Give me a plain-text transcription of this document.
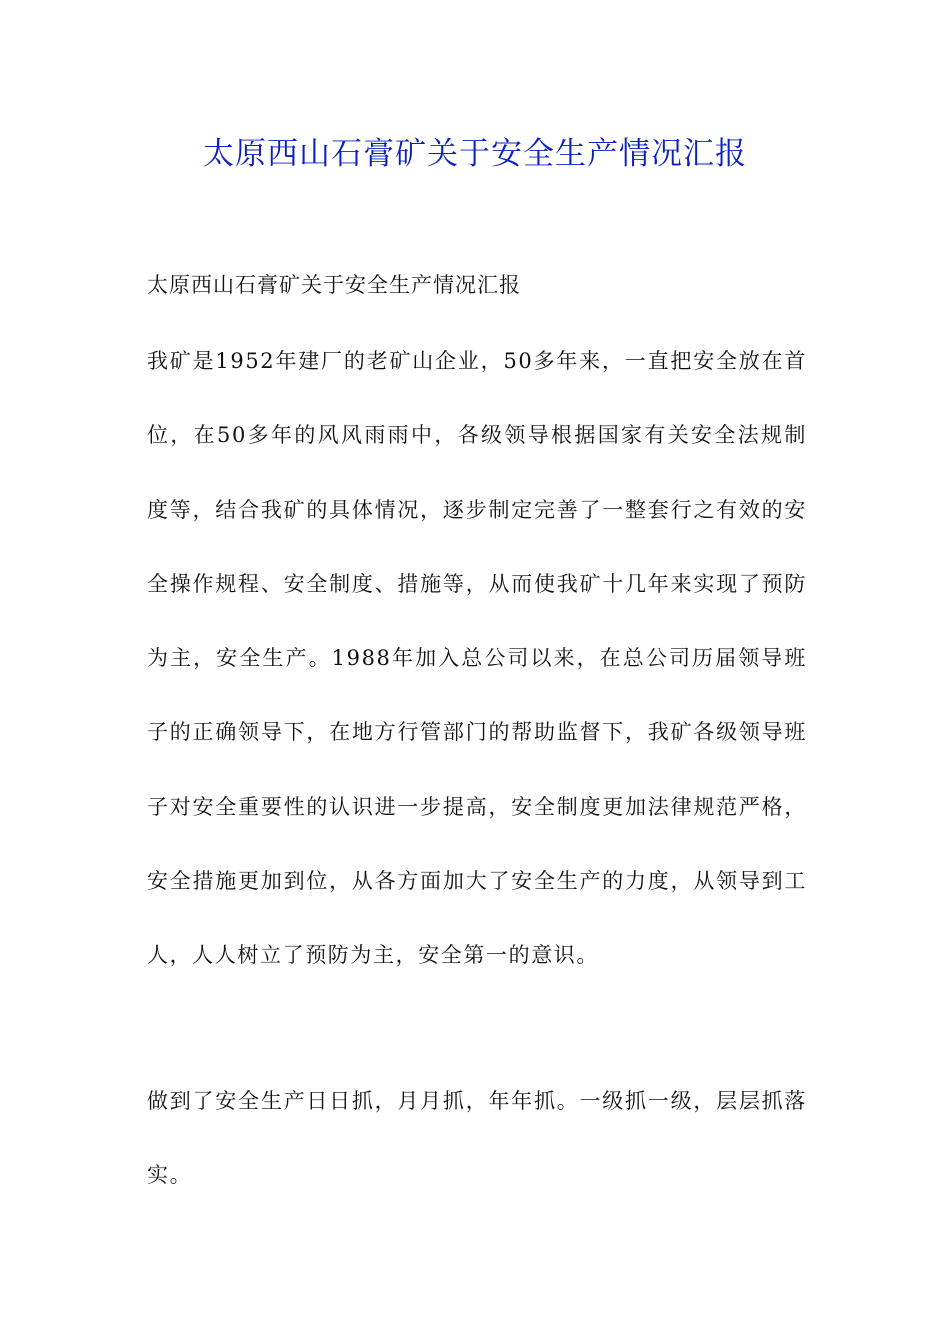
太原西山石膏矿关于安全生产情况汇报

太原西山石膏矿关于安全生产情况汇报

我矿是1952年建厂的老矿山企业，50多年来，一直把安全放在首位，在50多年的风风雨雨中，各级领导根据国家有关安全法规制度等，结合我矿的具体情况，逐步制定完善了一整套行之有效的安全操作规程、安全制度、措施等，从而使我矿十几年来实现了预防为主，安全生产。1988年加入总公司以来，在总公司历届领导班子的正确领导下，在地方行管部门的帮助监督下，我矿各级领导班子对安全重要性的认识进一步提高，安全制度更加法律规范严格，安全措施更加到位，从各方面加大了安全生产的力度，从领导到工人，人人树立了预防为主，安全第一的意识。

做到了安全生产日日抓，月月抓，年年抓。一级抓一级，层层抓落实。
